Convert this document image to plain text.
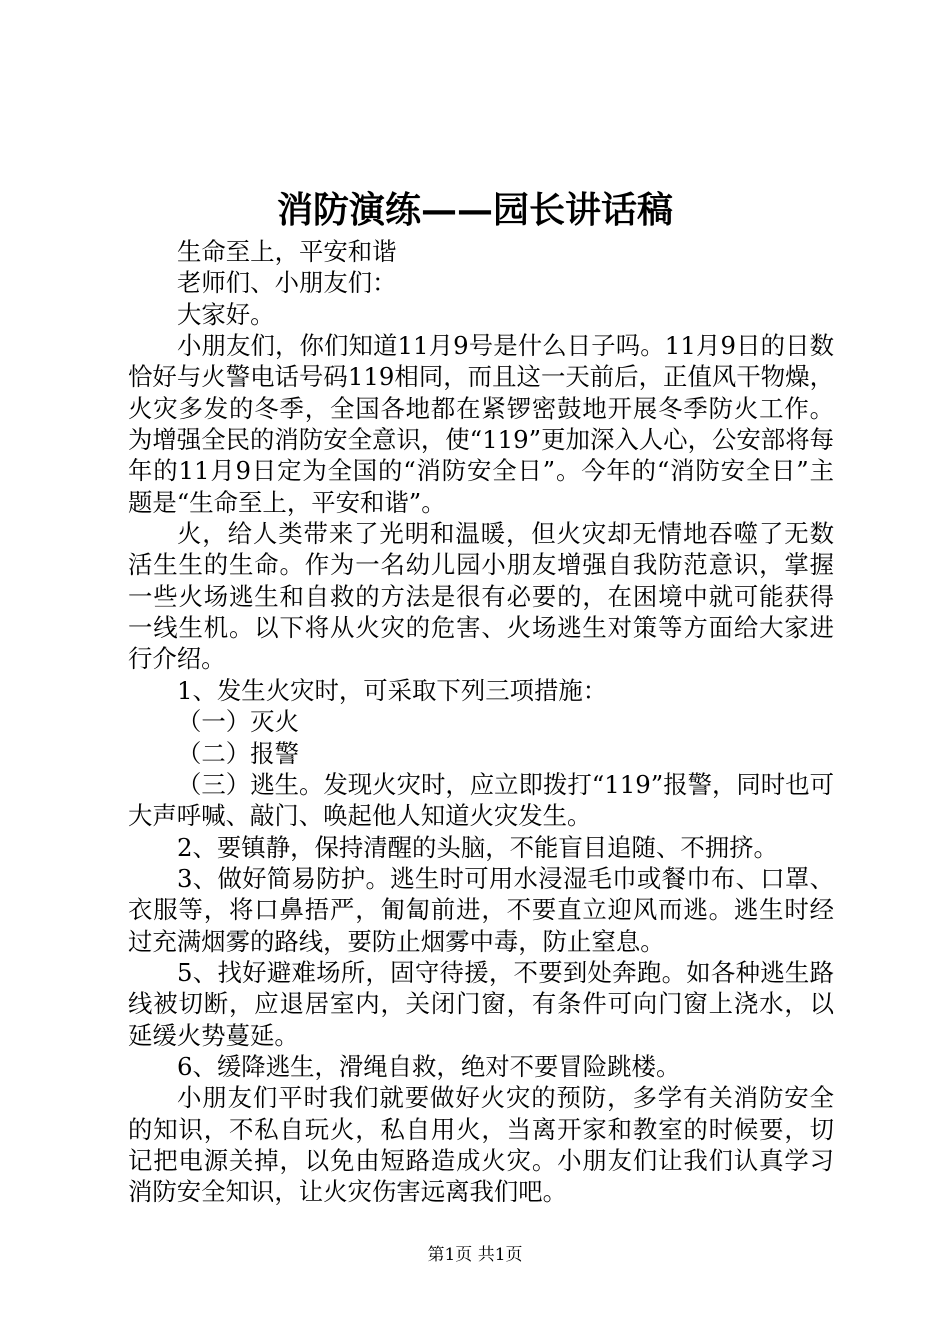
消防演练——园长讲话稿

生命至上，平安和谐

老师们、小朋友们：

大家好。

小朋友们，你们知道11月9号是什么日子吗。11月9日的日数恰好与火警电话号码119相同，而且这一天前后，正值风干物燥，火灾多发的冬季，全国各地都在紧锣密鼓地开展冬季防火工作。为增强全民的消防安全意识，使“119”更加深入人心，公安部将每年的11月9日定为全国的“消防安全日”。今年的“消防安全日”主题是“生命至上，平安和谐”。

火，给人类带来了光明和温暖，但火灾却无情地吞噬了无数活生生的生命。作为一名幼儿园小朋友增强自我防范意识，掌握一些火场逃生和自救的方法是很有必要的，在困境中就可能获得一线生机。以下将从火灾的危害、火场逃生对策等方面给大家进行介绍。

1、发生火灾时，可采取下列三项措施：

（一）灭火

（二）报警

（三）逃生。发现火灾时，应立即拨打“119”报警，同时也可大声呼喊、敲门、唤起他人知道火灾发生。

2、要镇静，保持清醒的头脑，不能盲目追随、不拥挤。

3、做好简易防护。逃生时可用水浸湿毛巾或餐巾布、口罩、衣服等，将口鼻捂严，匍匐前进，不要直立迎风而逃。逃生时经过充满烟雾的路线，要防止烟雾中毒，防止窒息。

5、找好避难场所，固守待援，不要到处奔跑。如各种逃生路线被切断，应退居室内，关闭门窗，有条件可向门窗上浇水，以延缓火势蔓延。

6、缓降逃生，滑绳自救，绝对不要冒险跳楼。

小朋友们平时我们就要做好火灾的预防，多学有关消防安全的知识，不私自玩火，私自用火，当离开家和教室的时候要，切记把电源关掉，以免由短路造成火灾。小朋友们让我们认真学习消防安全知识，让火灾伤害远离我们吧。

第1页 共1页
